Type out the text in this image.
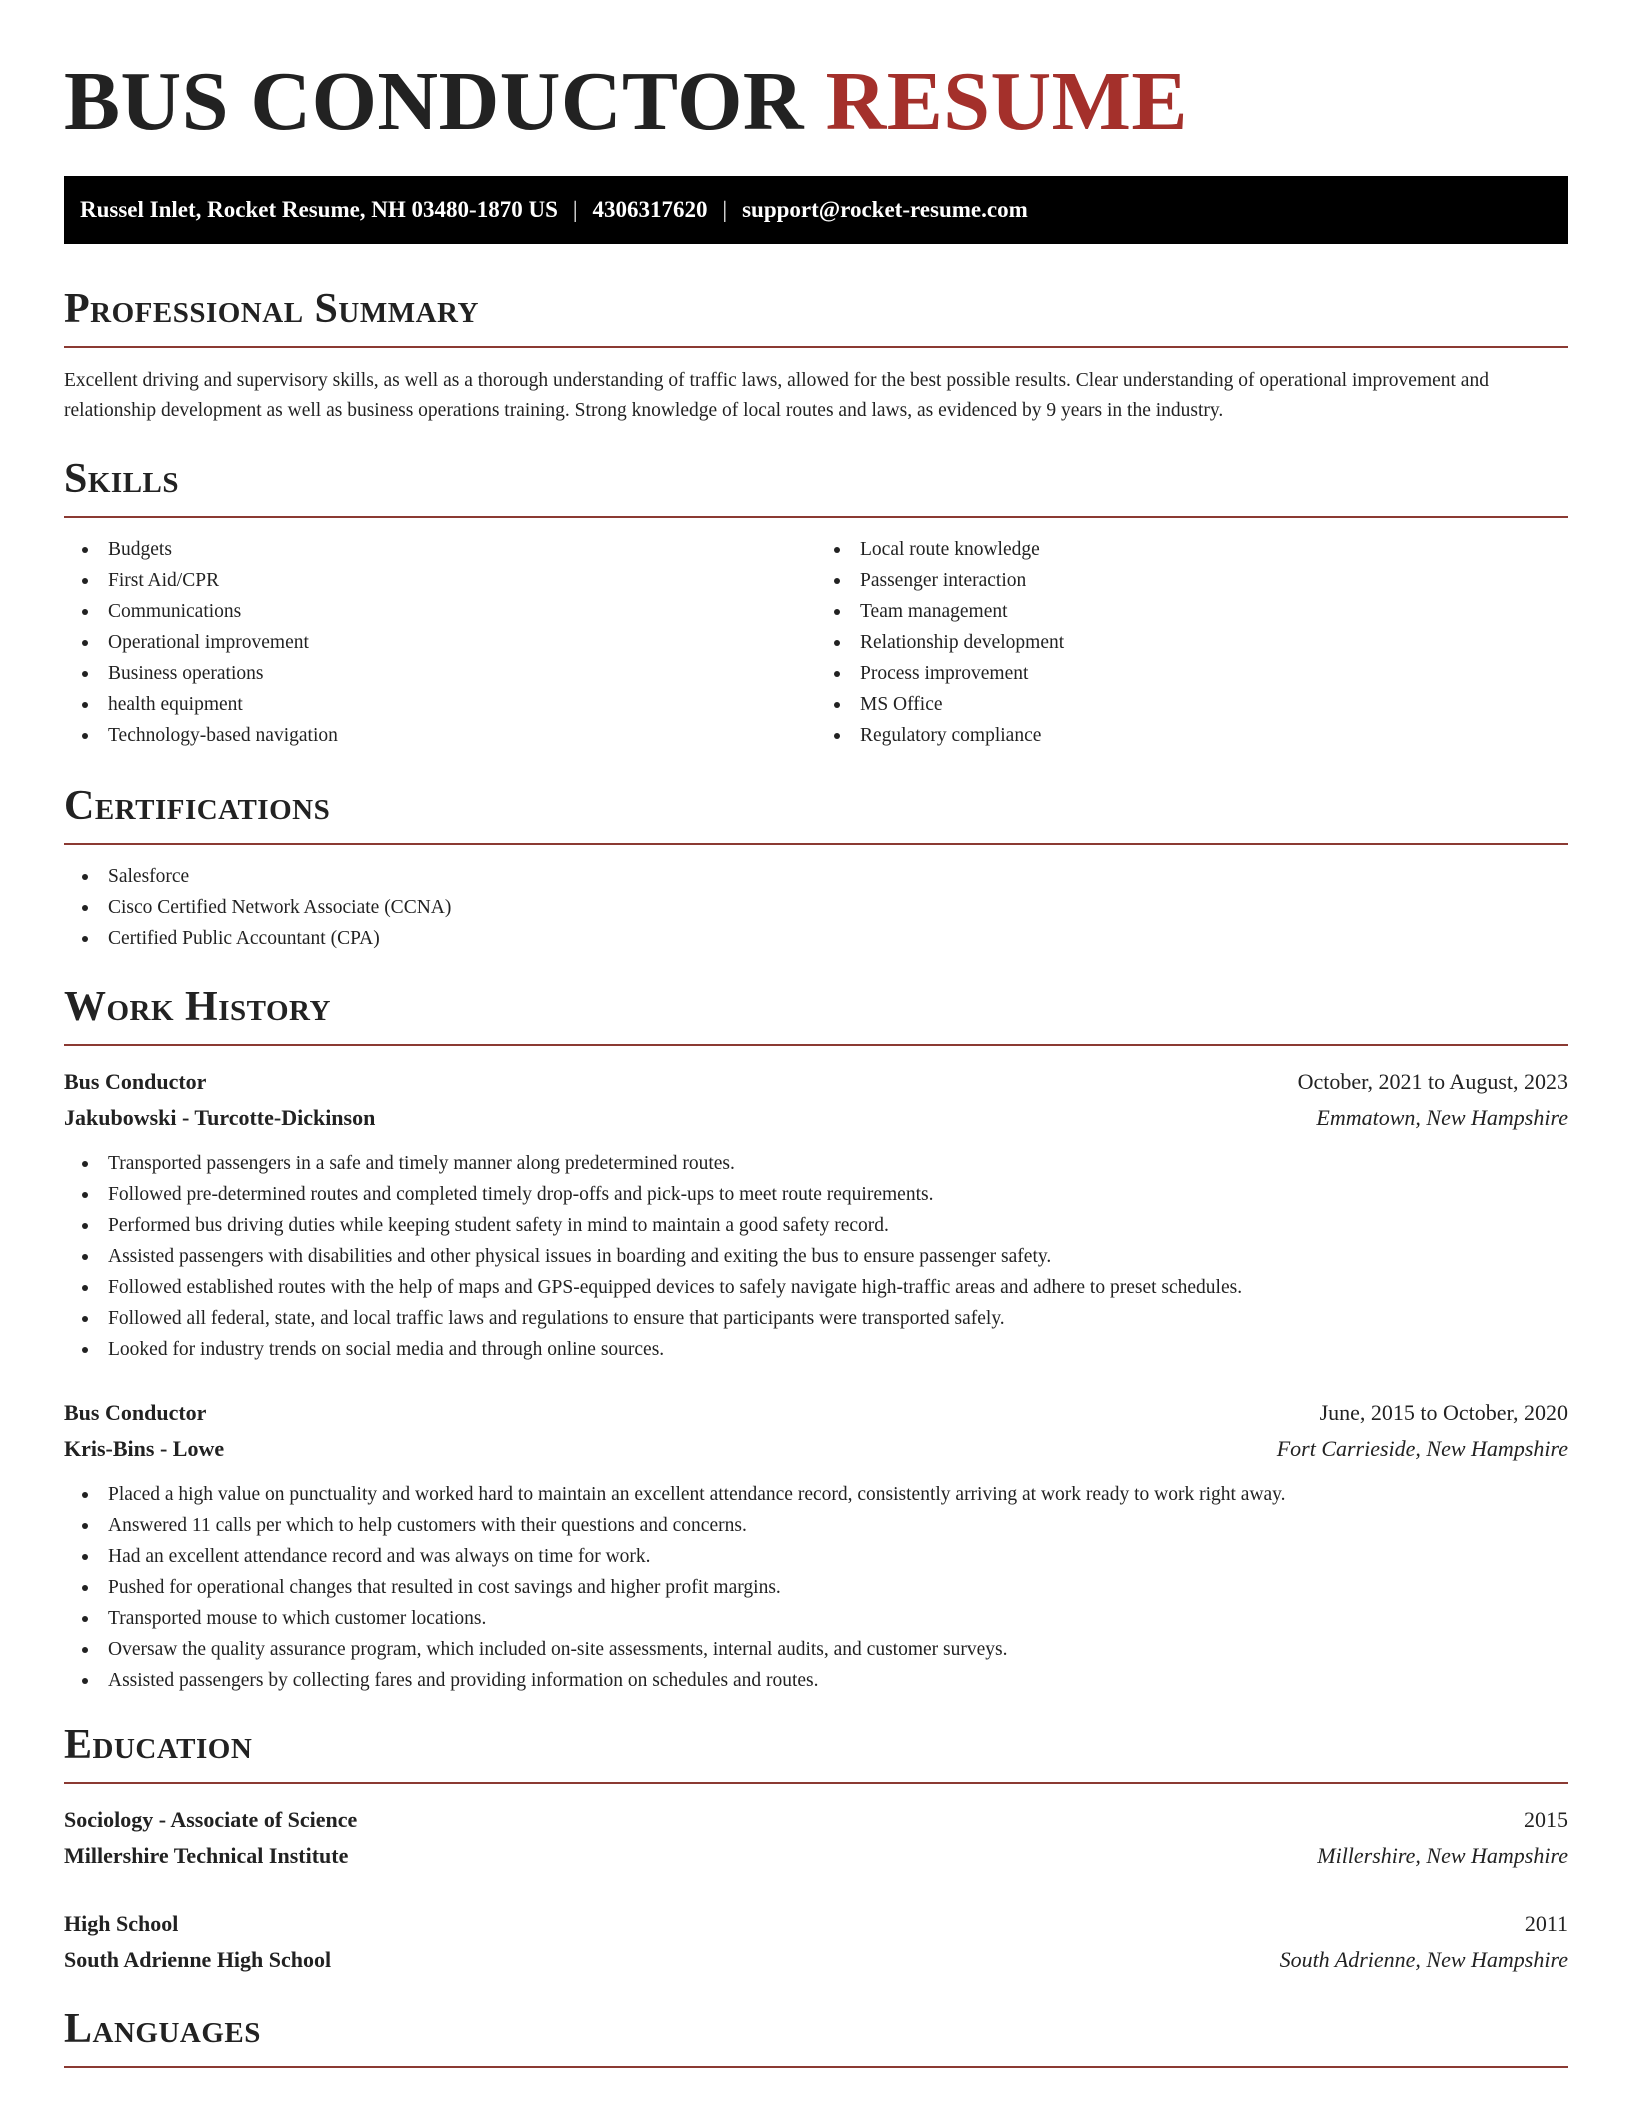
BUS CONDUCTOR RESUME
Russel Inlet, Rocket Resume, NH 03480-1870 US | 4306317620 | support@rocket-resume.com
Professional Summary

Excellent driving and supervisory skills, as well as a thorough understanding of traffic laws, allowed for the best possible results. Clear understanding of operational improvement and relationship development as well as business operations training. Strong knowledge of local routes and laws, as evidenced by 9 years in the industry.

Skills
Budgets
First Aid/CPR
Communications
Operational improvement
Business operations
health equipment
Technology-based navigation
Local route knowledge
Passenger interaction
Team management
Relationship development
Process improvement
MS Office
Regulatory compliance
Certifications
Salesforce
Cisco Certified Network Associate (CCNA)
Certified Public Accountant (CPA)
Work History
Bus Conductor	October, 2021 to August, 2023
Jakubowski - Turcotte-Dickinson	Emmatown, New Hampshire
Transported passengers in a safe and timely manner along predetermined routes.
Followed pre-determined routes and completed timely drop-offs and pick-ups to meet route requirements.
Performed bus driving duties while keeping student safety in mind to maintain a good safety record.
Assisted passengers with disabilities and other physical issues in boarding and exiting the bus to ensure passenger safety.
Followed established routes with the help of maps and GPS-equipped devices to safely navigate high-traffic areas and adhere to preset schedules.
Followed all federal, state, and local traffic laws and regulations to ensure that participants were transported safely.
Looked for industry trends on social media and through online sources.
Bus Conductor	June, 2015 to October, 2020
Kris-Bins - Lowe	Fort Carrieside, New Hampshire
Placed a high value on punctuality and worked hard to maintain an excellent attendance record, consistently arriving at work ready to work right away.
Answered 11 calls per which to help customers with their questions and concerns.
Had an excellent attendance record and was always on time for work.
Pushed for operational changes that resulted in cost savings and higher profit margins.
Transported mouse to which customer locations.
Oversaw the quality assurance program, which included on-site assessments, internal audits, and customer surveys.
Assisted passengers by collecting fares and providing information on schedules and routes.
Education
Sociology - Associate of Science	2015
Millershire Technical Institute	Millershire, New Hampshire
High School	2011
South Adrienne High School	South Adrienne, New Hampshire
Languages
